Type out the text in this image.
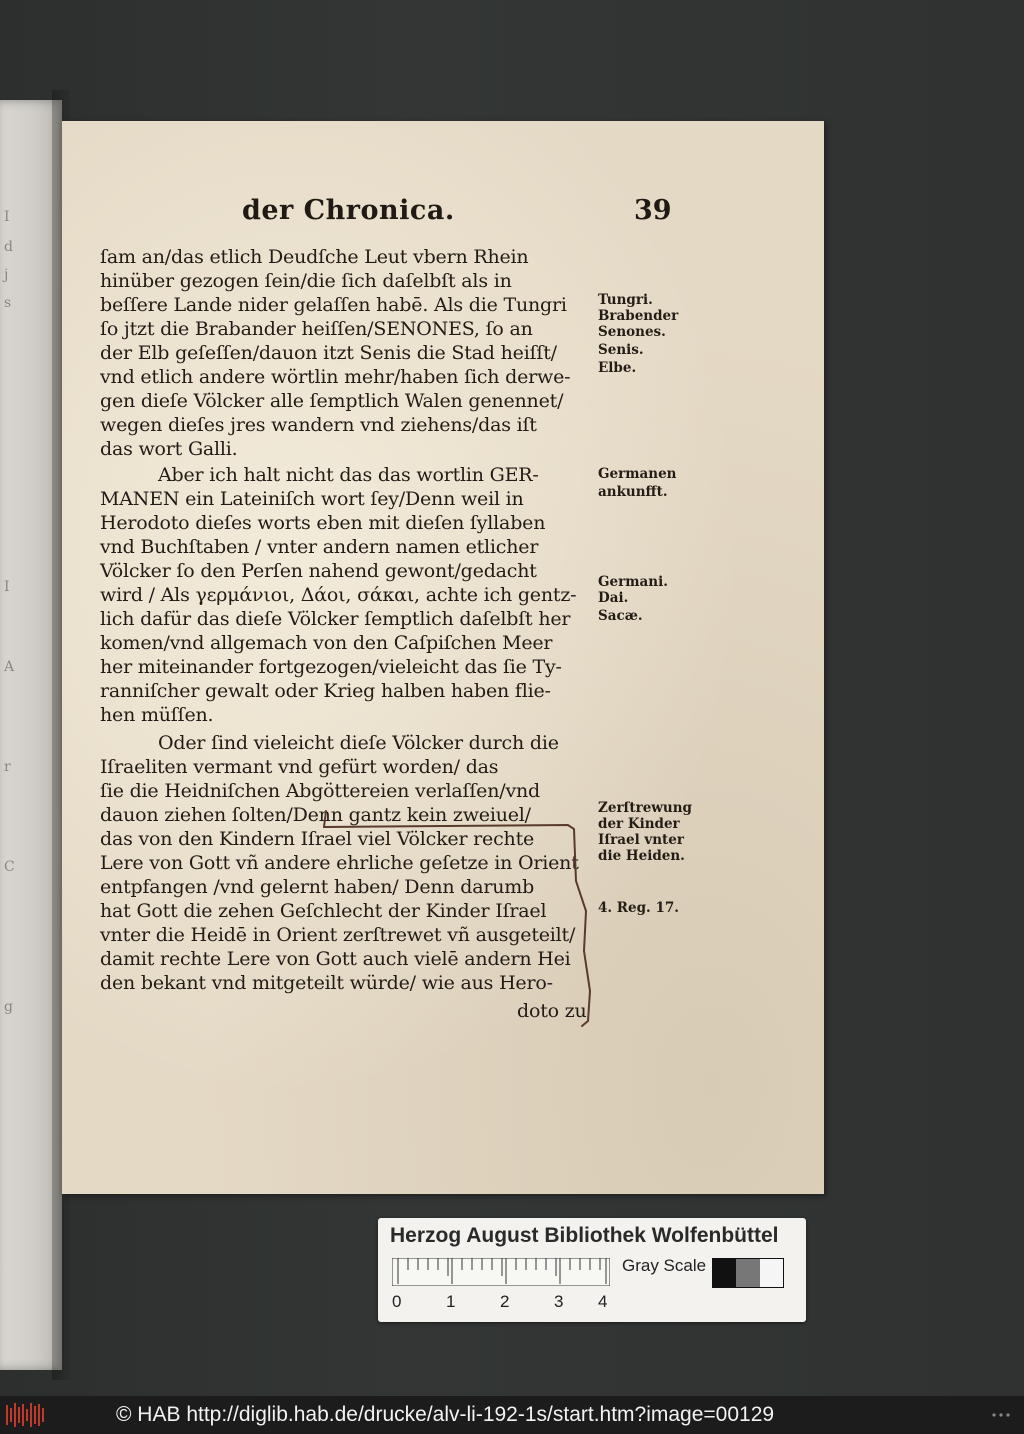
I
d
j
s
I
A
r
C
g
der Chronica.	39
ſam an/das etlich Deudſche Leut vbern Rhein
hinüber gezogen ſein/die ſich daſelbſt als in
beſſere Lande nider gelaſſen habē. Als die Tungri
ſo jtzt die Brabander heiſſen/SENONES, ſo an
der Elb geſeſſen/dauon itzt Senis die Stad heiſſt/
vnd etlich andere wörtlin mehr/haben ſich derwe-
gen dieſe Völcker alle ſemptlich Walen genennet/
wegen dieſes jres wandern vnd ziehens/das iſt
das wort Galli.
Aber ich halt nicht das das wortlin GER-
MANEN ein Lateiniſch wort ſey/Denn weil in
Herodoto dieſes worts eben mit dieſen ſyllaben
vnd Buchſtaben / vnter andern namen etlicher
Völcker ſo den Perſen nahend gewont/gedacht
wird / Als γερμάνιοι, Δάοι, σάκαι, achte ich gentz-
lich dafür das dieſe Völcker ſemptlich daſelbſt her
komen/vnd allgemach von den Caſpiſchen Meer
her miteinander fortgezogen/vieleicht das ſie Ty-
ranniſcher gewalt oder Krieg halben haben flie-
hen müſſen.
Oder ſind vieleicht dieſe Völcker durch die
Iſraeliten vermant vnd gefürt worden/ das
ſie die Heidniſchen Abgöttereien verlaſſen/vnd
dauon ziehen ſolten/Denn gantz kein zweiuel/
das von den Kindern Iſrael viel Völcker rechte
Lere von Gott vñ andere ehrliche geſetze in Orient
entpfangen /vnd gelernt haben/ Denn darumb
hat Gott die zehen Geſchlecht der Kinder Iſrael
vnter die Heidē in Orient zerſtrewet vñ ausgeteilt/
damit rechte Lere von Gott auch vielē andern Hei
den bekant vnd mitgeteilt würde/ wie aus Hero-
doto zu
Tungri.
Brabender
Senones.
Senis.
Elbe.
Germanen
ankunfft.
Germani.
Dai.
Sacæ.
Zerſtrewung
der Kinder
Iſrael vnter
die Heiden.
4. Reg. 17.
Herzog August Bibliothek Wolfenbüttel
0	1	2	3 4
Gray Scale
© HAB http://diglib.hab.de/drucke/alv-li-192-1s/start.htm?image=00129
